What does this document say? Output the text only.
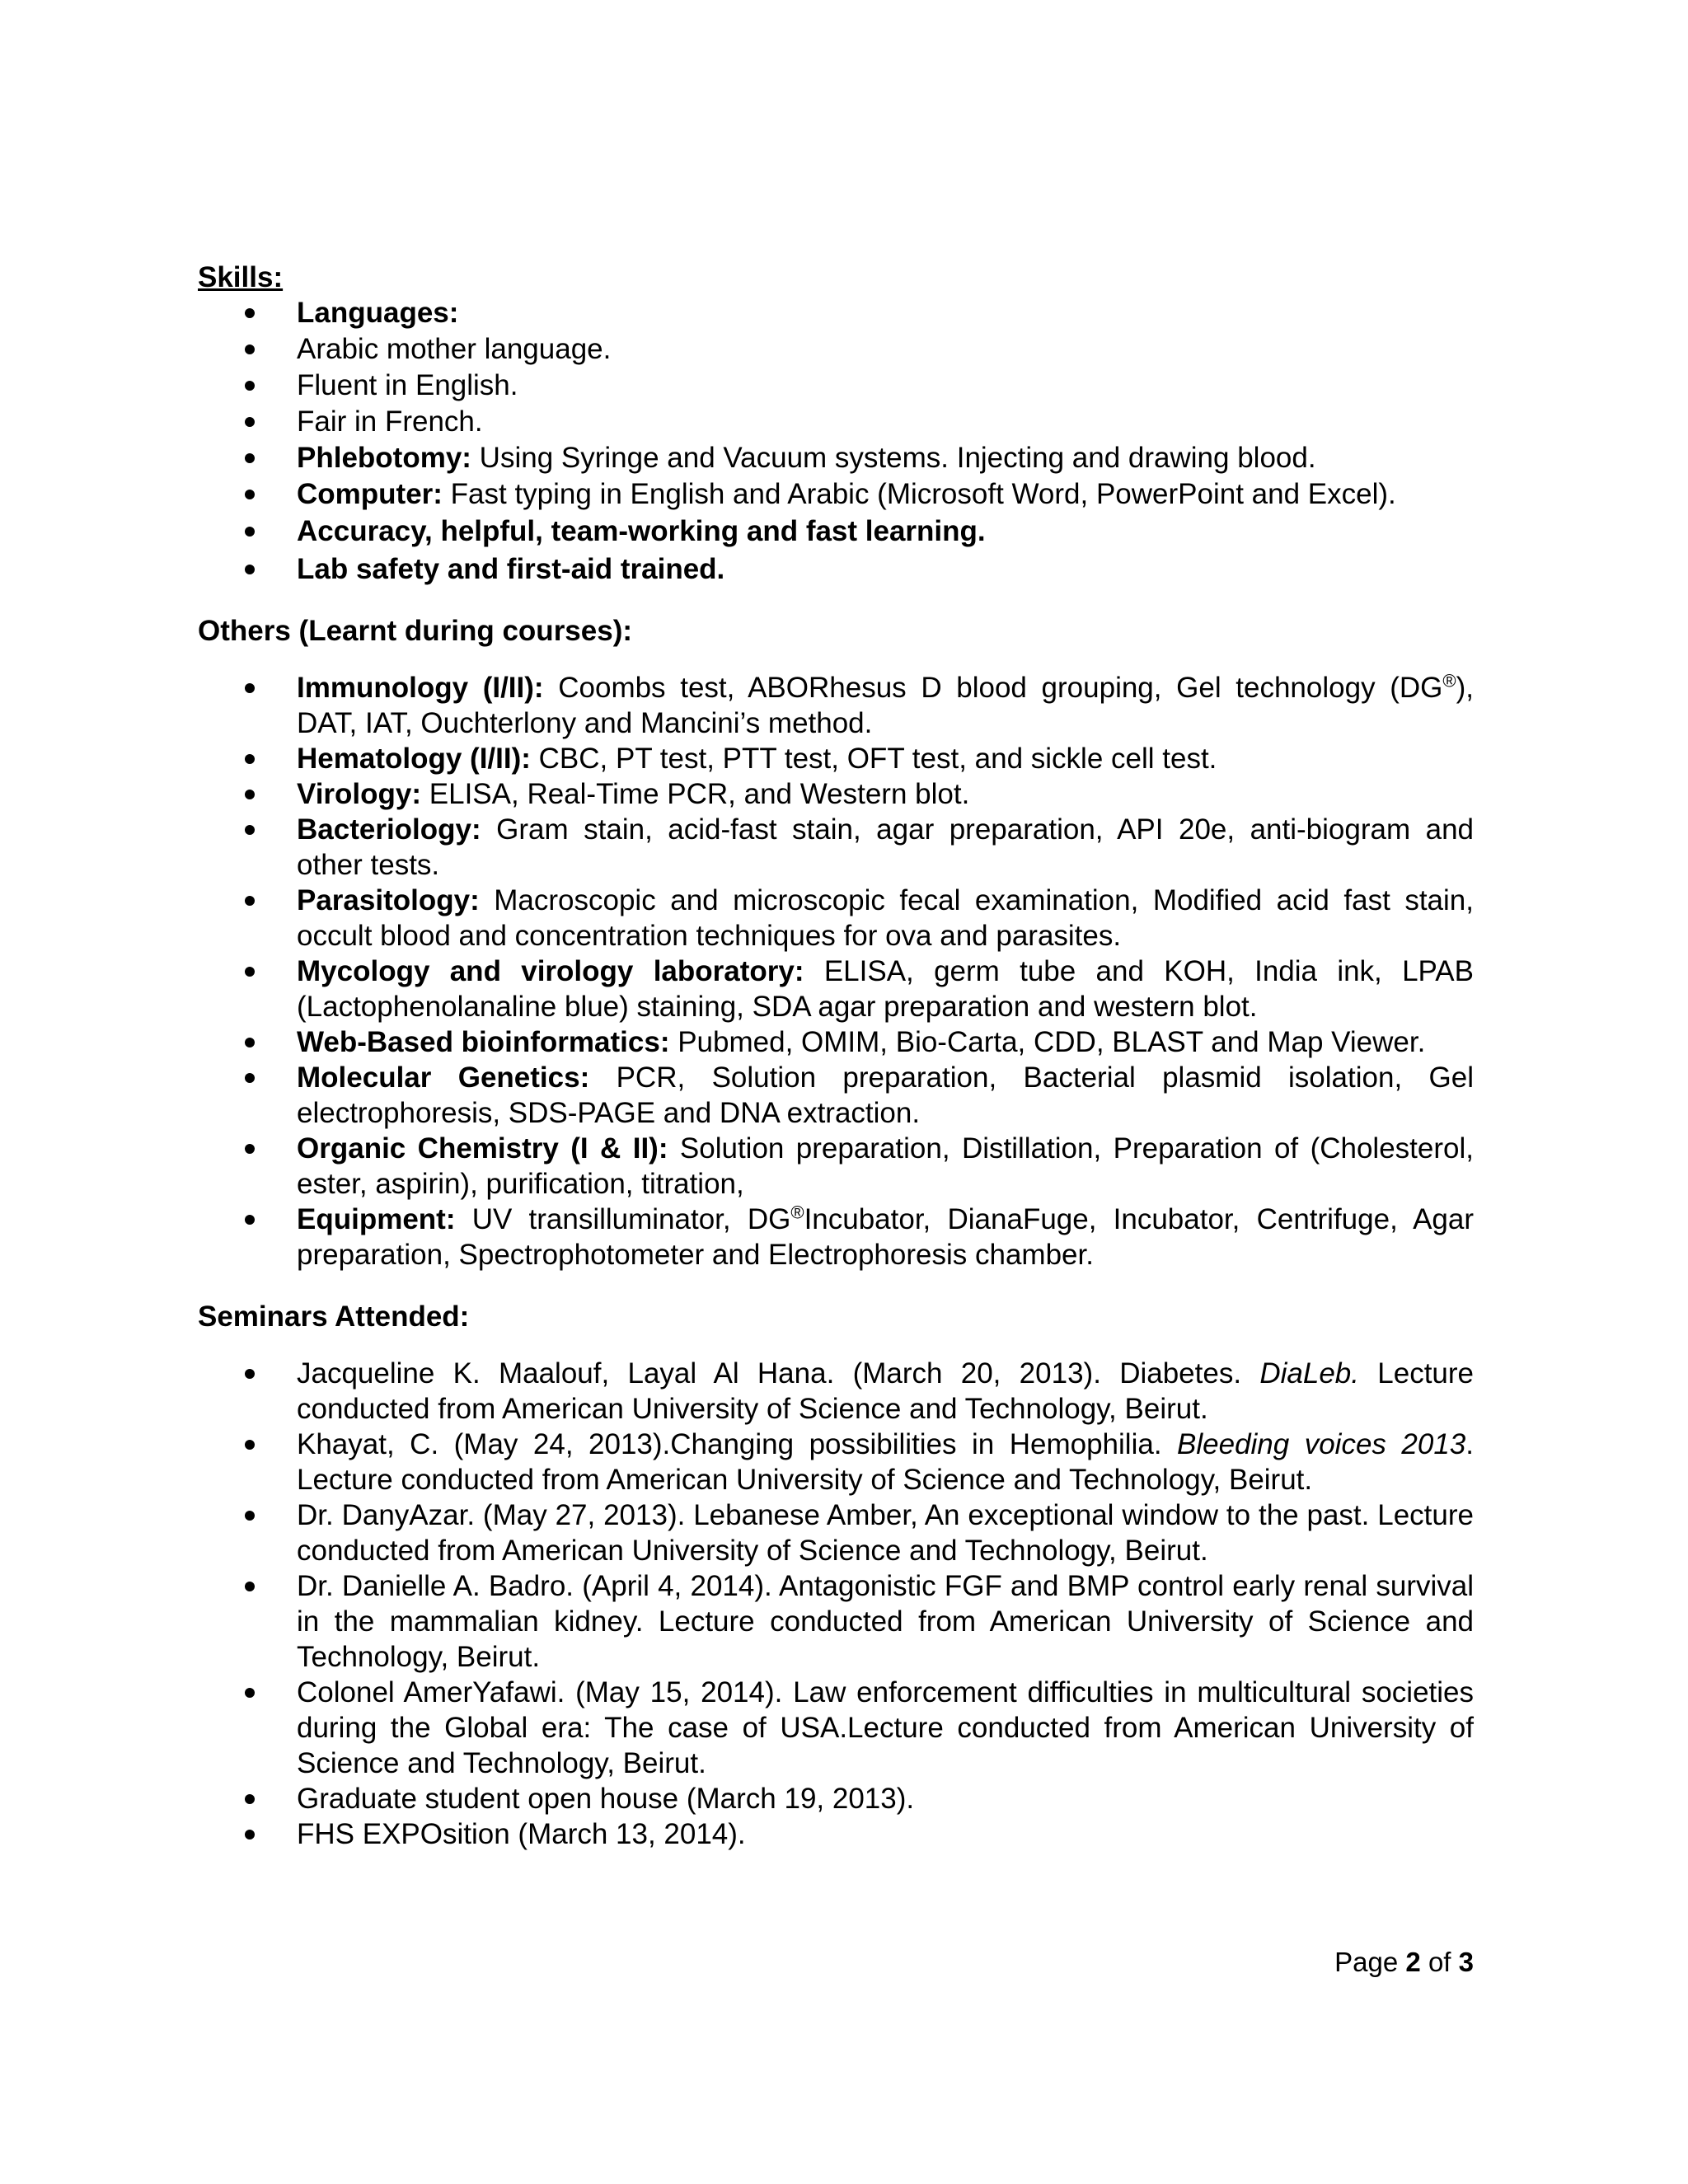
Skills:

Languages:
Arabic mother language.
Fluent in English.
Fair in French.
Phlebotomy: Using Syringe and Vacuum systems. Injecting and drawing blood.
Computer: Fast typing in English and Arabic (Microsoft Word, PowerPoint and Excel).
Accuracy, helpful, team-working and fast learning.
Lab safety and first-aid trained.

Others (Learnt during courses):

Immunology (I/II): Coombs test, ABORhesus D blood grouping, Gel technology (DG®), DAT, IAT, Ouchterlony and Mancini’s method.
Hematology (I/II): CBC, PT test, PTT test, OFT test, and sickle cell test.
Virology: ELISA, Real-Time PCR, and Western blot.
Bacteriology: Gram stain, acid-fast stain, agar preparation, API 20e, anti-biogram and other tests.
Parasitology: Macroscopic and microscopic fecal examination, Modified acid fast stain, occult blood and concentration techniques for ova and parasites.
Mycology and virology laboratory: ELISA, germ tube and KOH, India ink, LPAB (Lactophenolanaline blue) staining, SDA agar preparation and western blot.
Web-Based bioinformatics: Pubmed, OMIM, Bio-Carta, CDD, BLAST and Map Viewer.
Molecular Genetics: PCR, Solution preparation, Bacterial plasmid isolation, Gel electrophoresis, SDS-PAGE and DNA extraction.
Organic Chemistry (I & II): Solution preparation, Distillation, Preparation of (Cholesterol, ester, aspirin), purification, titration,
Equipment: UV transilluminator, DG®Incubator, DianaFuge, Incubator, Centrifuge, Agar preparation, Spectrophotometer and Electrophoresis chamber.

Seminars Attended:

Jacqueline K. Maalouf, Layal Al Hana. (March 20, 2013). Diabetes. DiaLeb. Lecture conducted from American University of Science and Technology, Beirut.
Khayat, C. (May 24, 2013).Changing possibilities in Hemophilia. Bleeding voices 2013. Lecture conducted from American University of Science and Technology, Beirut.
Dr. DanyAzar. (May 27, 2013). Lebanese Amber, An exceptional window to the past. Lecture conducted from American University of Science and Technology, Beirut.
Dr. Danielle A. Badro. (April 4, 2014). Antagonistic FGF and BMP control early renal survival in the mammalian kidney. Lecture conducted from American University of Science and Technology, Beirut.
Colonel AmerYafawi. (May 15, 2014). Law enforcement difficulties in multicultural societies during the Global era: The case of USA.Lecture conducted from American University of Science and Technology, Beirut.
Graduate student open house (March 19, 2013).
FHS EXPOsition (March 13, 2014).
Page 2 of 3
